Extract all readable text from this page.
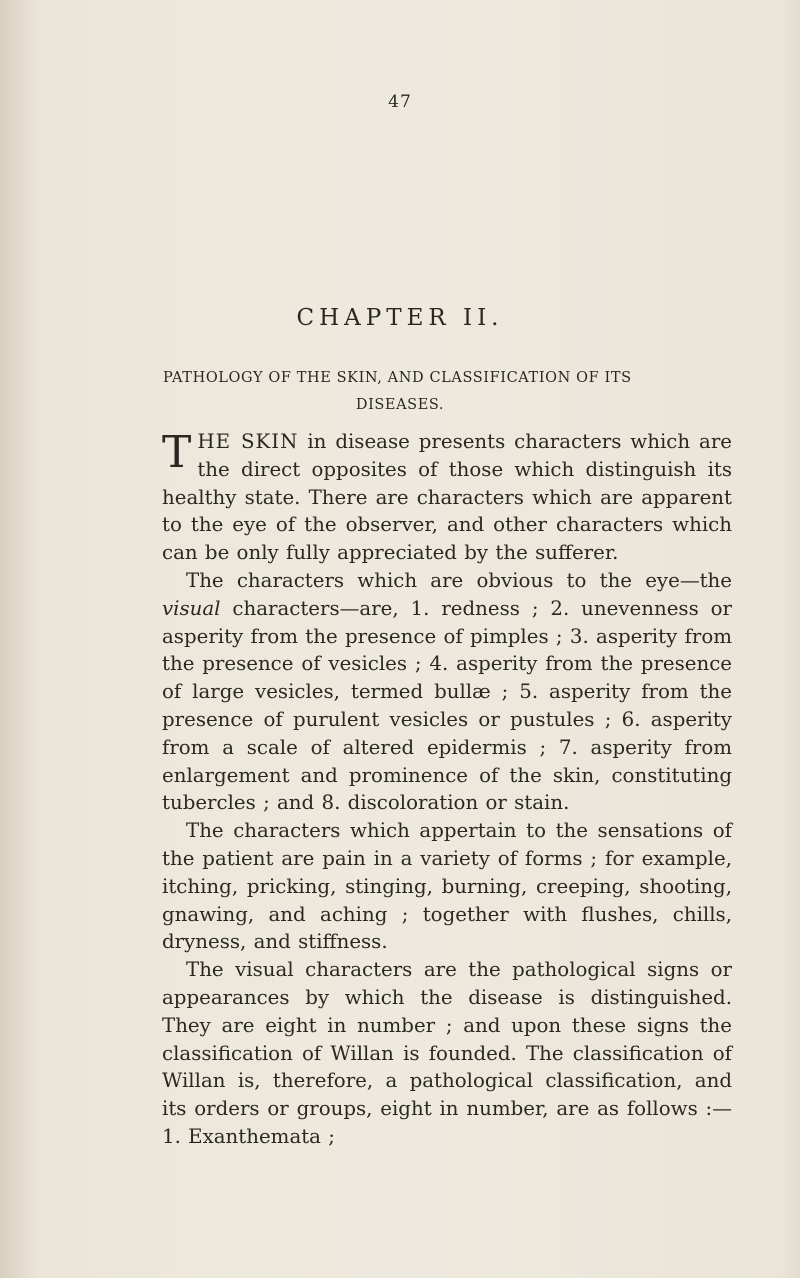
47
CHAPTER II.
PATHOLOGY OF THE SKIN, AND CLASSIFICATION OF ITS
DISEASES.

THE SKIN in disease presents characters which are the direct opposites of those which distinguish its healthy state. There are characters which are apparent to the eye of the observer, and other characters which can be only fully appreciated by the sufferer.

The characters which are obvious to the eye—the visual characters—are, 1. redness ; 2. unevenness or asperity from the presence of pimples ; 3. asperity from the presence of vesicles ; 4. asperity from the presence of large vesicles, termed bullæ ; 5. asperity from the presence of purulent vesicles or pustules ; 6. asperity from a scale of altered epidermis ; 7. asperity from enlargement and prominence of the skin, constituting tubercles ; and 8. discoloration or stain.

The characters which appertain to the sensations of the patient are pain in a variety of forms ; for example, itching, pricking, stinging, burning, creeping, shooting, gnawing, and aching ; together with flushes, chills, dryness, and stiffness.

The visual characters are the pathological signs or appearances by which the disease is distinguished. They are eight in number ; and upon these signs the classification of Willan is founded. The classification of Willan is, therefore, a pathological classification, and its orders or groups, eight in number, are as follows :—1. Exanthemata ;
